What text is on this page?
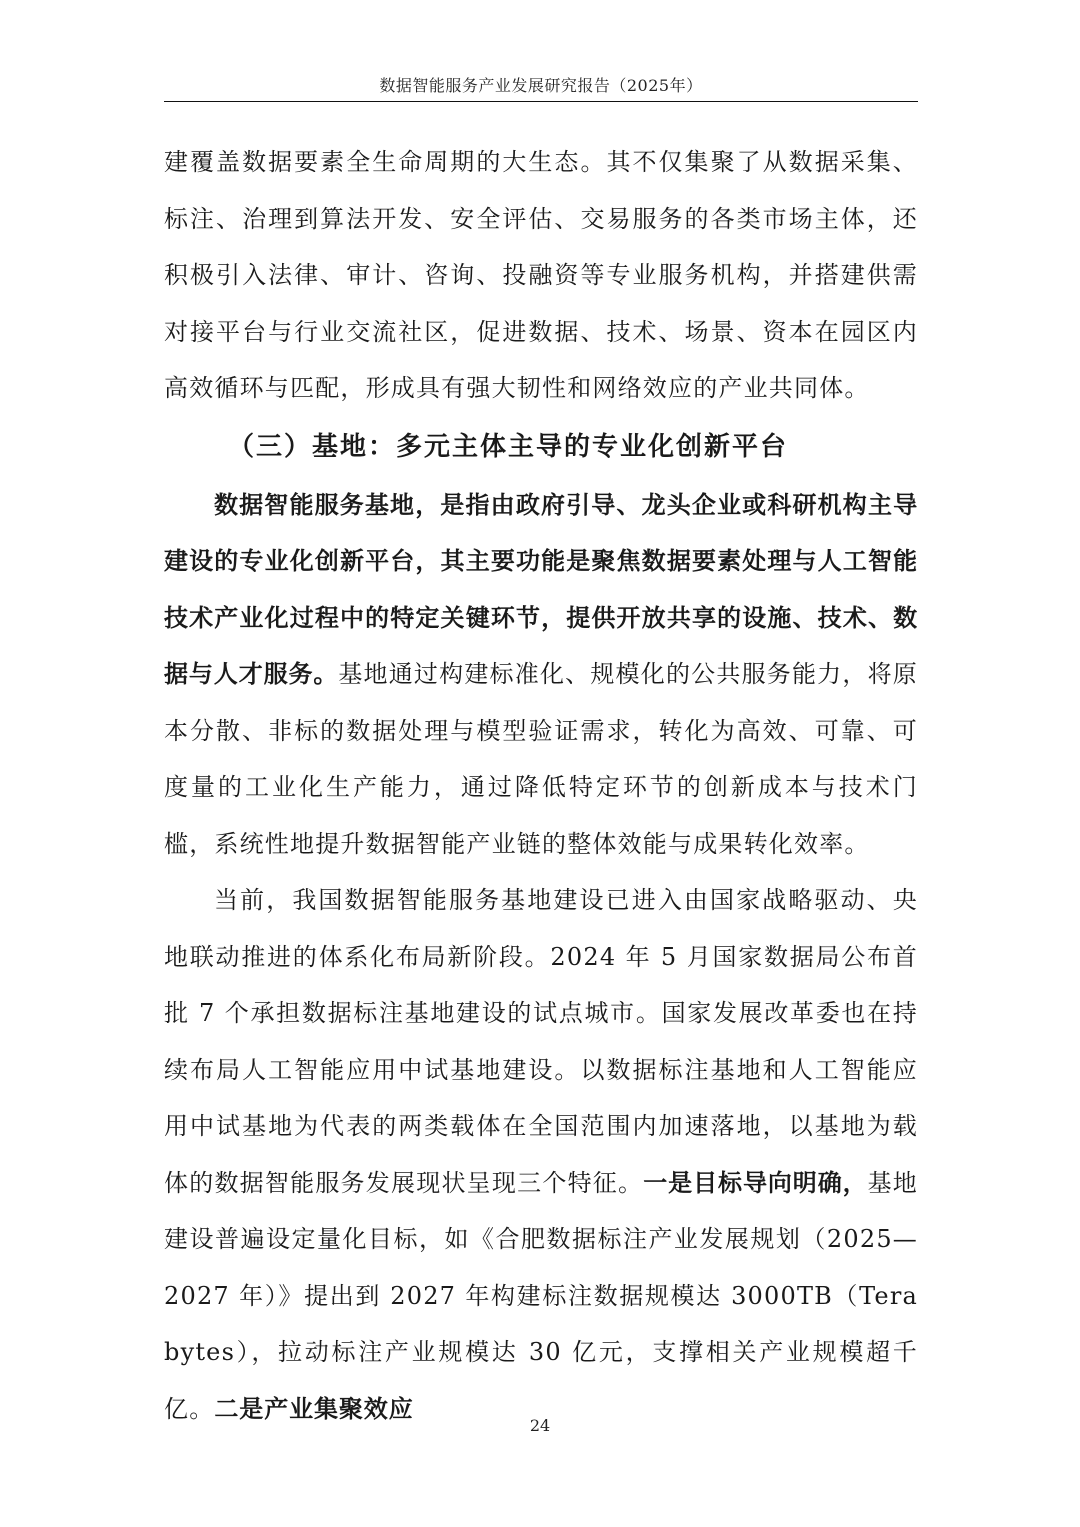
数据智能服务产业发展研究报告（2025年）

建覆盖数据要素全生命周期的大生态。其不仅集聚了从数据采集、标注、治理到算法开发、安全评估、交易服务的各类市场主体，还积极引入法律、审计、咨询、投融资等专业服务机构，并搭建供需对接平台与行业交流社区，促进数据、技术、场景、资本在园区内高效循环与匹配，形成具有强大韧性和网络效应的产业共同体。

（三）基地：多元主体主导的专业化创新平台

数据智能服务基地，是指由政府引导、龙头企业或科研机构主导建设的专业化创新平台，其主要功能是聚焦数据要素处理与人工智能技术产业化过程中的特定关键环节，提供开放共享的设施、技术、数据与人才服务。基地通过构建标准化、规模化的公共服务能力，将原本分散、非标的数据处理与模型验证需求，转化为高效、可靠、可度量的工业化生产能力，通过降低特定环节的创新成本与技术门槛，系统性地提升数据智能产业链的整体效能与成果转化效率。

当前，我国数据智能服务基地建设已进入由国家战略驱动、央地联动推进的体系化布局新阶段。2024 年 5 月国家数据局公布首批 7 个承担数据标注基地建设的试点城市。国家发展改革委也在持续布局人工智能应用中试基地建设。以数据标注基地和人工智能应用中试基地为代表的两类载体在全国范围内加速落地，以基地为载体的数据智能服务发展现状呈现三个特征。一是目标导向明确，基地建设普遍设定量化目标，如《合肥数据标注产业发展规划（2025—2027 年）》提出到 2027 年构建标注数据规模达 3000TB（Terabytes），拉动标注产业规模达 30 亿元，支撑相关产业规模超千亿。二是产业集聚效应

24
